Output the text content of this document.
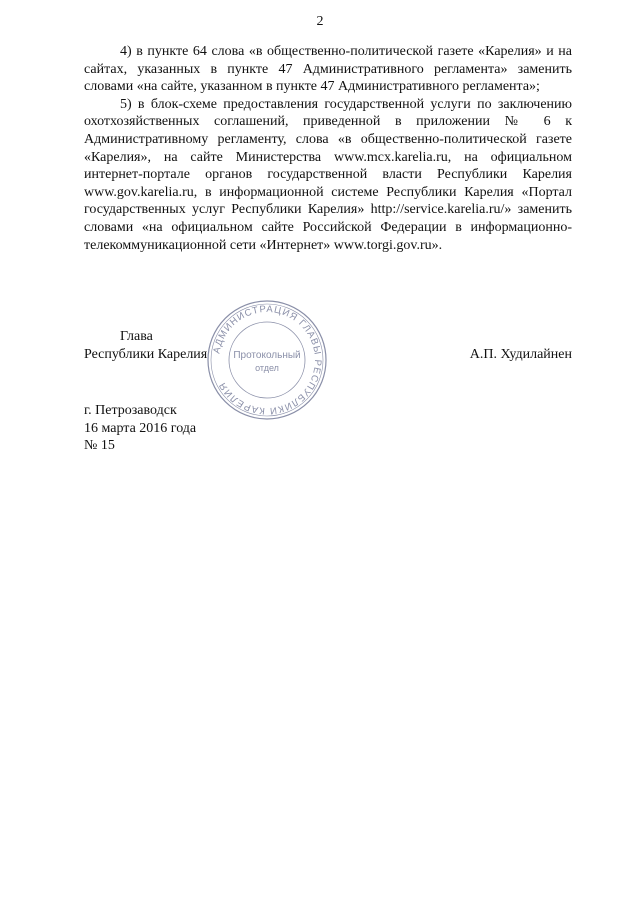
2

4) в пункте 64 слова «в общественно-политической газете «Карелия» и на сайтах, указанных в пункте 47 Административного регламента» заменить словами «на сайте, указанном в пункте 47 Административного регламента»;

5) в блок-схеме предоставления государственной услуги по заключению охотхозяйственных соглашений, приведенной в приложении № 6 к Административному регламенту, слова «в общественно-политической газете «Карелия», на сайте Министерства www.mcx.karelia.ru, на официальном интернет-портале органов государственной власти Республики Карелия www.gov.karelia.ru, в информационной системе Республики Карелия «Портал государственных услуг Республики Карелия» http://service.karelia.ru/» заменить словами «на официальном сайте Российской Федерации в информационно-телекоммуникационной сети «Интернет» www.torgi.gov.ru».

Глава
Республики Карелия	А.П. Худилайнен
АДМИНИСТРАЦИЯ ГЛАВЫ РЕСПУБЛИКИ КАРЕЛИЯ
Протокольный
отдел
г. Петрозаводск
16 марта 2016 года
№ 15
